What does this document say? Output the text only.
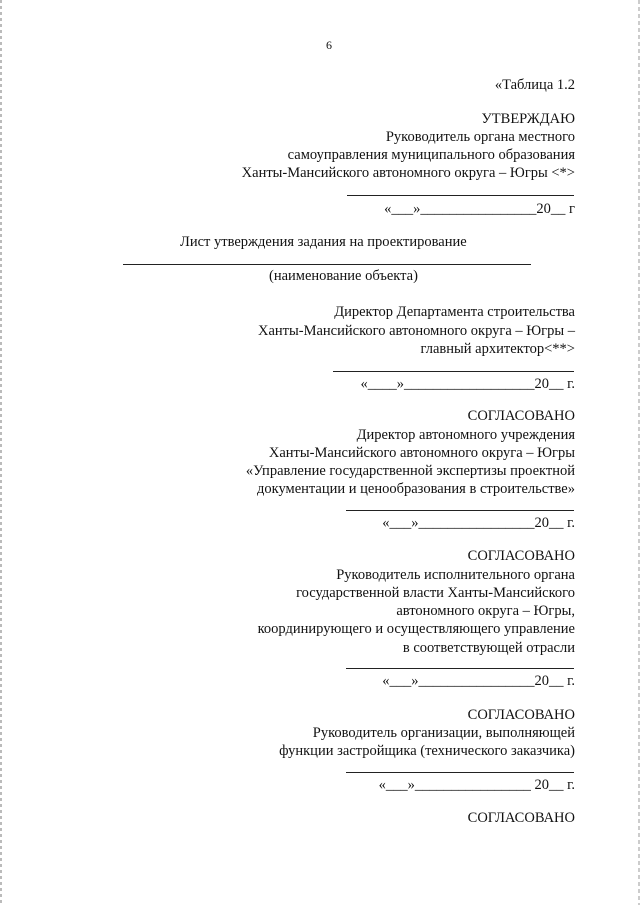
6
«Таблица 1.2
УТВЕРЖДАЮ
Руководитель органа местного
самоуправления муниципального образования
Ханты-Мансийского автономного округа – Югры <*>
«___»________________20__ г
Лист утверждения задания на проектирование
(наименование объекта)
Директор Департамента строительства
Ханты-Мансийского автономного округа – Югры –
главный архитектор<**>
«____»__________________20__ г.
СОГЛАСОВАНО
Директор автономного учреждения
Ханты-Мансийского автономного округа – Югры
«Управление государственной экспертизы проектной
документации и ценообразования в строительстве»
«___»________________20__ г.
СОГЛАСОВАНО
Руководитель исполнительного органа
государственной власти Ханты-Мансийского
автономного округа – Югры,
координирующего и осуществляющего управление
в соответствующей отрасли
«___»________________20__ г.
СОГЛАСОВАНО
Руководитель организации, выполняющей
функции застройщика (технического заказчика)
«___»________________ 20__ г.
СОГЛАСОВАНО
